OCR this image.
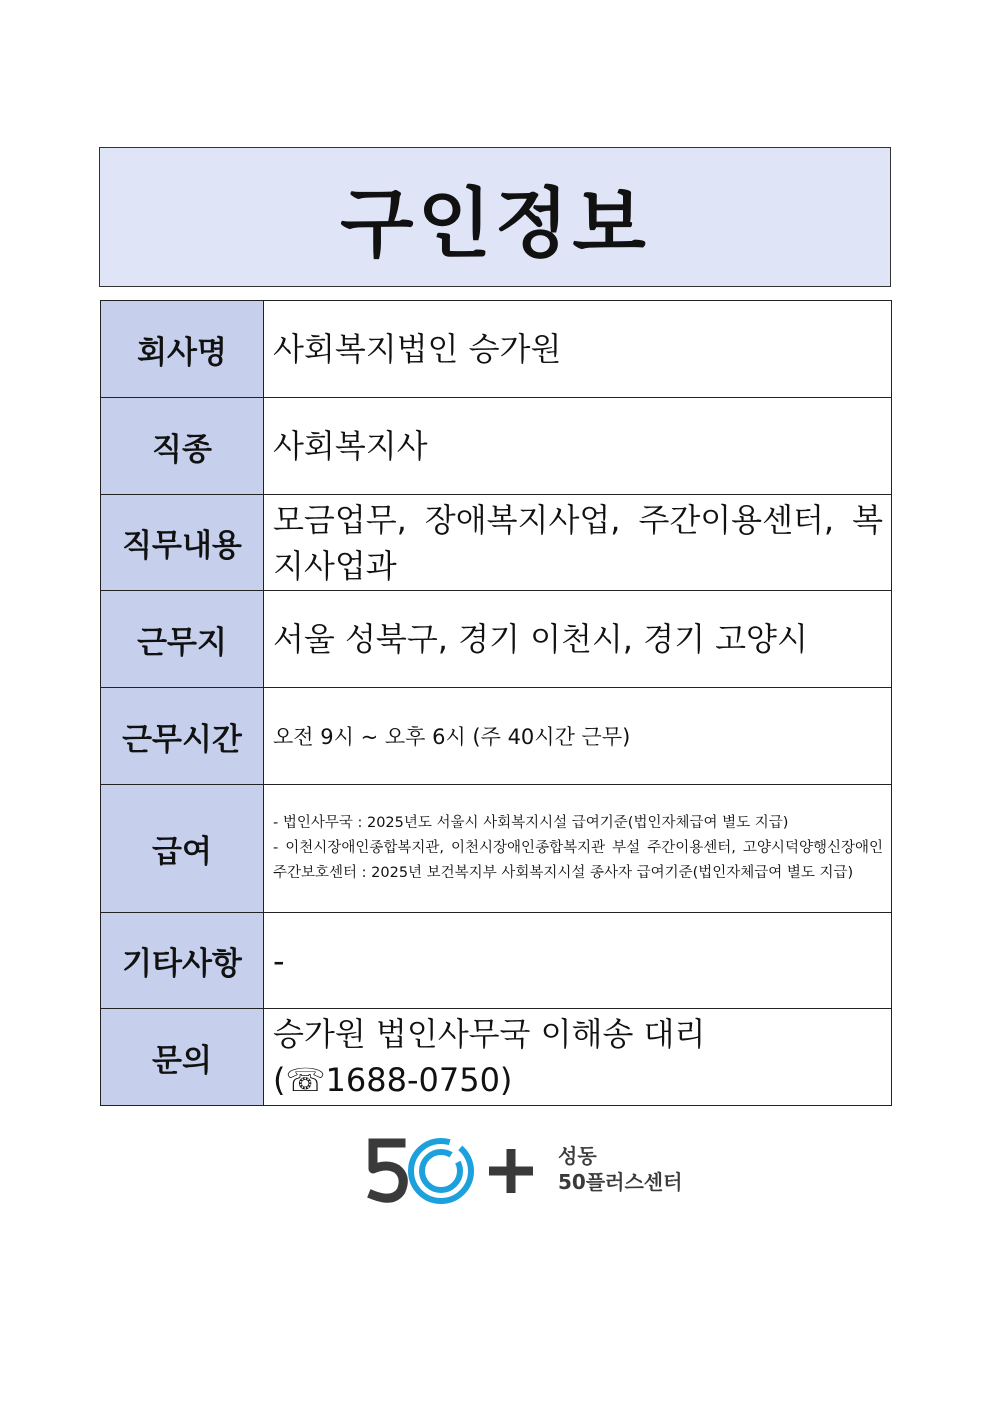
구인정보
회사명	사회복지법인 승가원
직종	사회복지사
직무내용	모금업무, 장애복지사업, 주간이용센터, 복지사업과
근무지	서울 성북구, 경기 이천시, 경기 고양시
근무시간	오전 9시 ~ 오후 6시 (주 40시간 근무)
급여	- 법인사무국 : 2025년도 서울시 사회복지시설 급여기준(법인자체급여 별도 지급)
- 이천시장애인종합복지관, 이천시장애인종합복지관 부설 주간이용센터, 고양시덕양행신장애인주간보호센터 : 2025년 보건복지부 사회복지시설 종사자 급여기준(법인자체급여 별도 지급)

기타사항	-
문의	승가원 법인사무국 이해송 대리
(☏1688-0750)
성동
50플러스센터
